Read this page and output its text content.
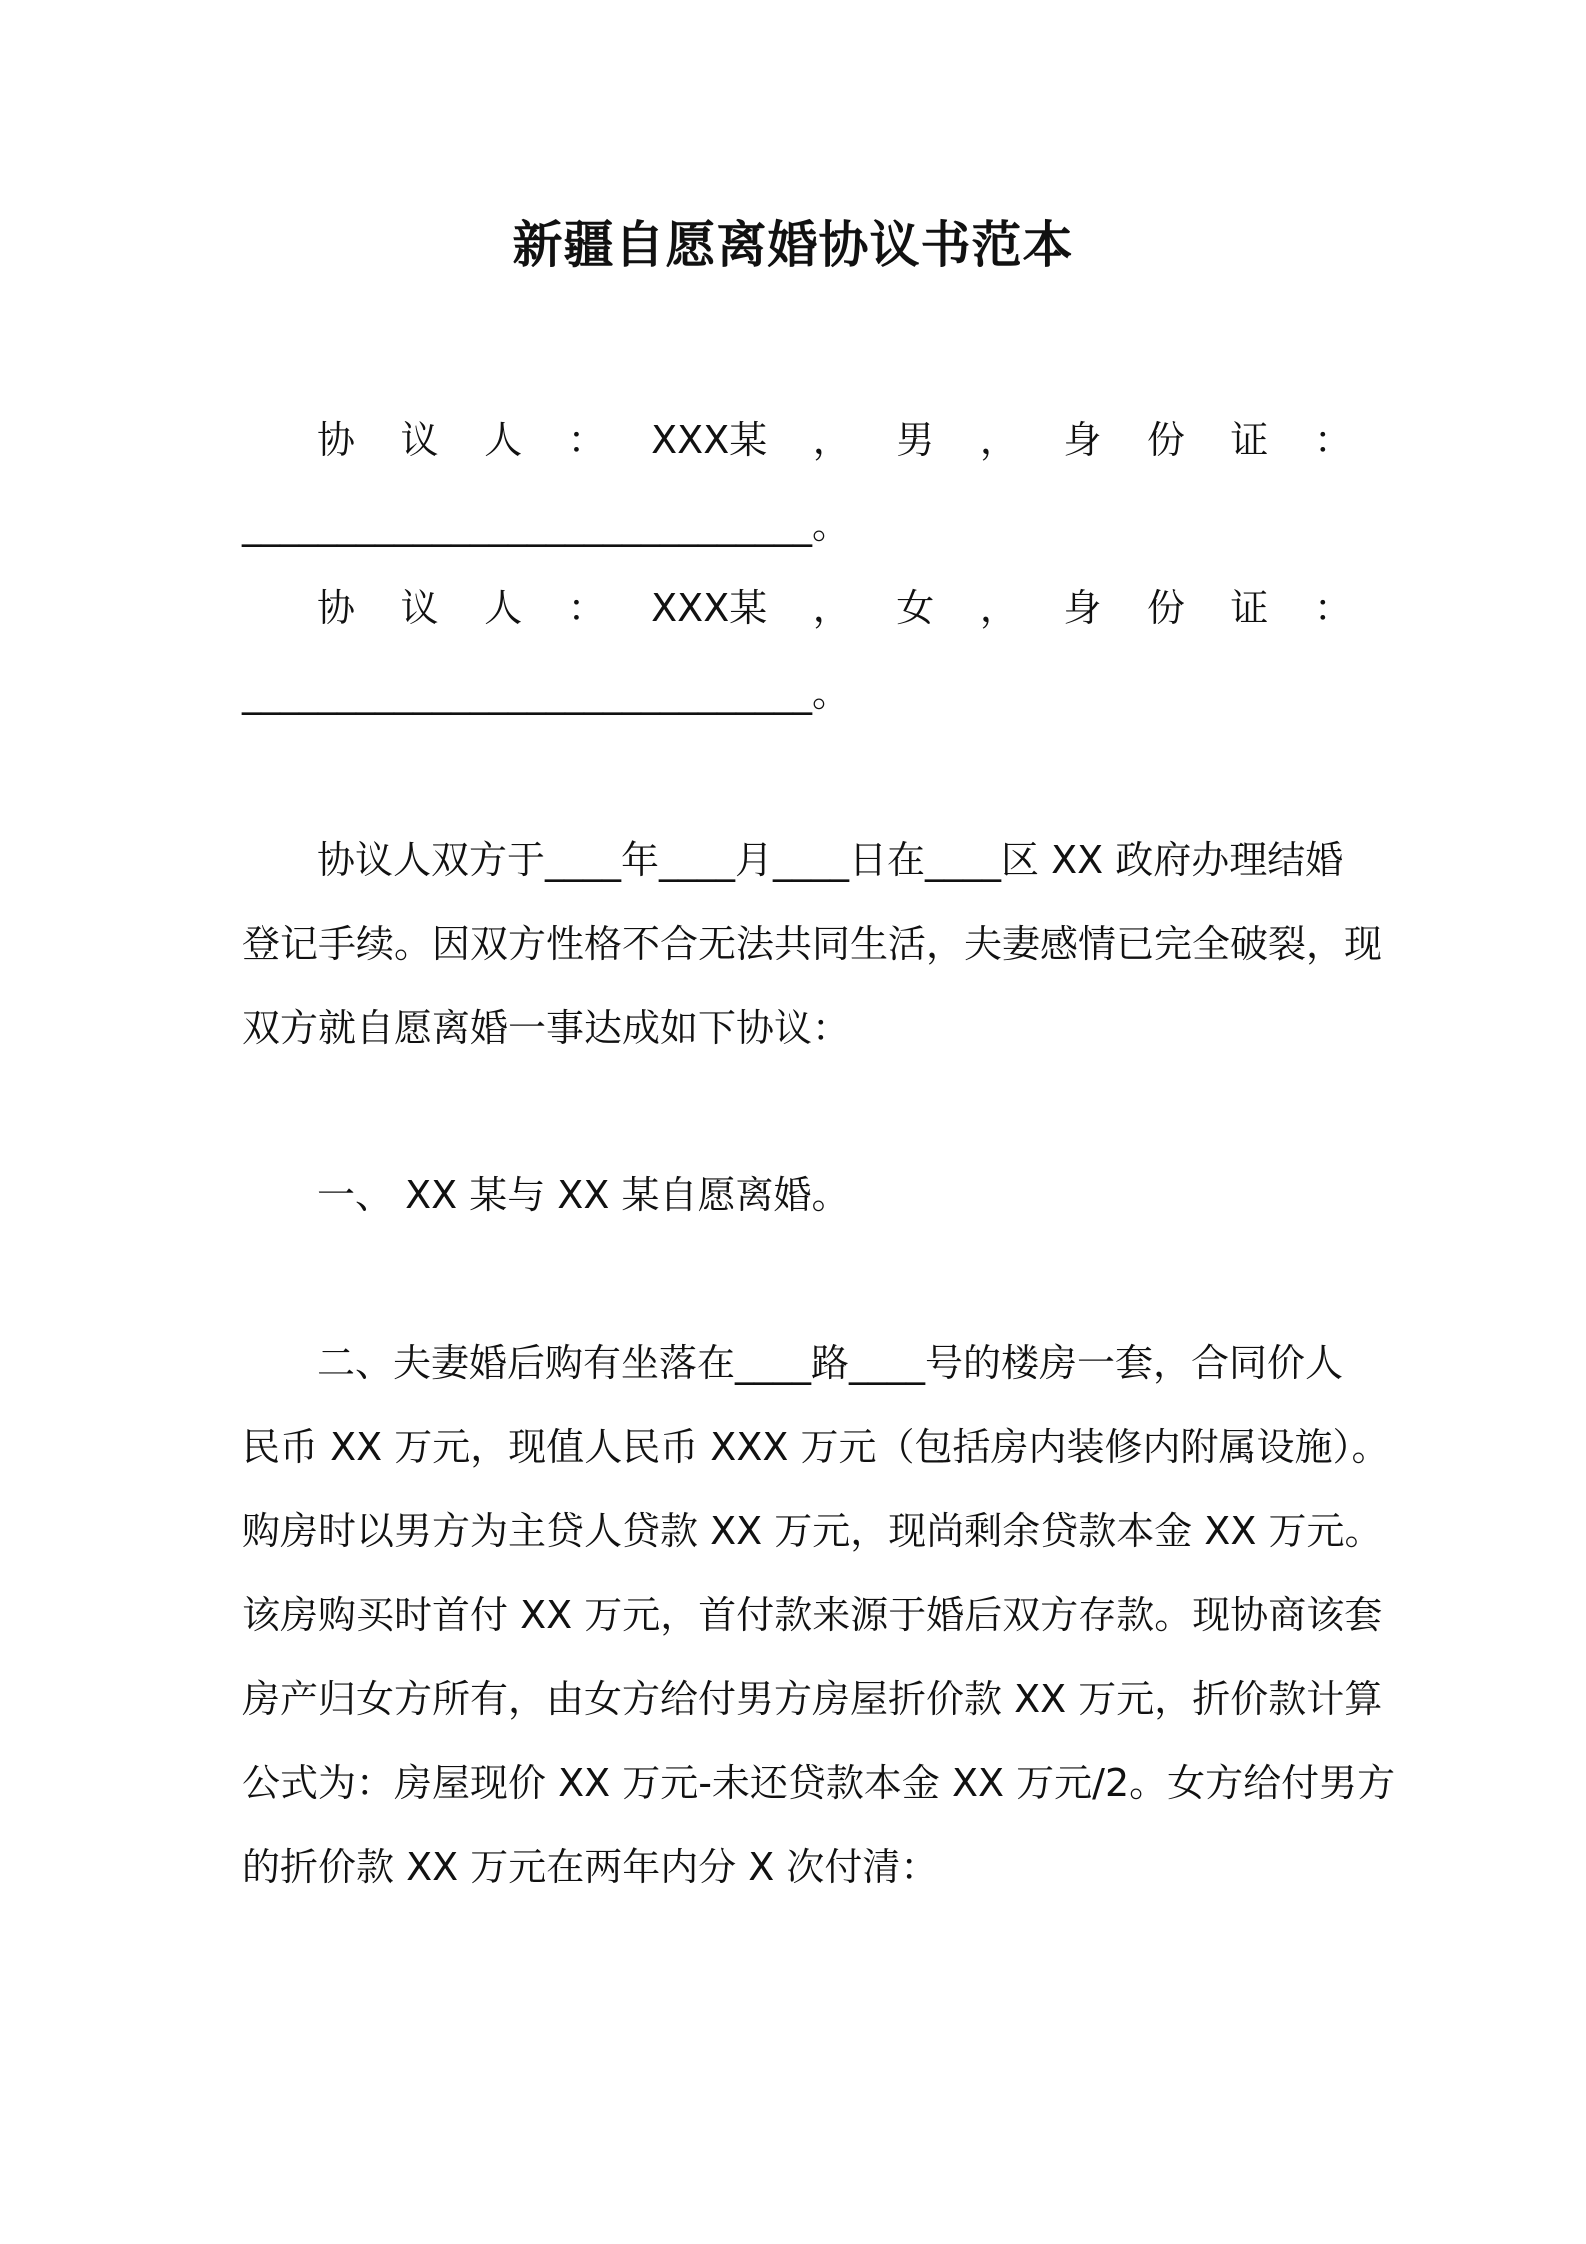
新疆自愿离婚协议书范本
协 议 人 ： XXX某 ， 男 ， 身 份 证 ：
______________________________。
协 议 人 ： XXX某 ， 女 ， 身 份 证 ：
______________________________。
协议人双方于____年____月____日在____区 XX 政府办理结婚
登记手续。因双方性格不合无法共同生活，夫妻感情已完全破裂，现
双方就自愿离婚一事达成如下协议：
一、 XX 某与 XX 某自愿离婚。
二、夫妻婚后购有坐落在____路____号的楼房一套，合同价人
民币 XX 万元，现值人民币 XXX 万元（包括房内装修内附属设施）。
购房时以男方为主贷人贷款 XX 万元，现尚剩余贷款本金 XX 万元。
该房购买时首付 XX 万元，首付款来源于婚后双方存款。现协商该套
房产归女方所有，由女方给付男方房屋折价款 XX 万元，折价款计算
公式为：房屋现价 XX 万元-未还贷款本金 XX 万元/2。女方给付男方
的折价款 XX 万元在两年内分 X 次付清：
